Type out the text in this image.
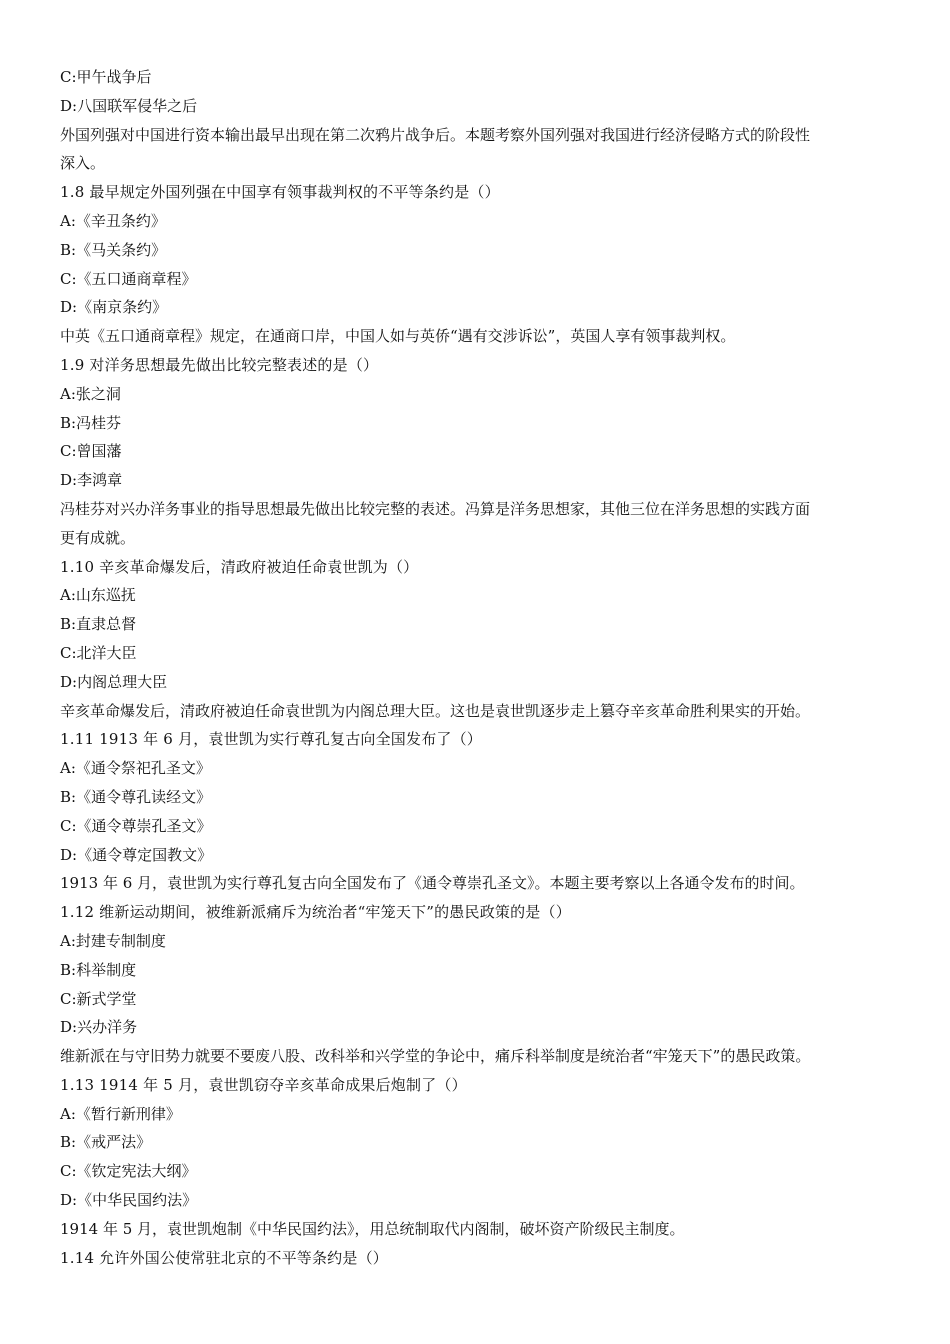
C:甲午战争后
D:八国联军侵华之后
外国列强对中国进行资本输出最早出现在第二次鸦片战争后。本题考察外国列强对我国进行经济侵略方式的阶段性
深入。
1.8 最早规定外国列强在中国享有领事裁判权的不平等条约是（）
A:《辛丑条约》
B:《马关条约》
C:《五口通商章程》
D:《南京条约》
中英《五口通商章程》规定，在通商口岸，中国人如与英侨“遇有交涉诉讼”，英国人享有领事裁判权。
1.9 对洋务思想最先做出比较完整表述的是（）
A:张之洞
B:冯桂芬
C:曾国藩
D:李鸿章
冯桂芬对兴办洋务事业的指导思想最先做出比较完整的表述。冯算是洋务思想家，其他三位在洋务思想的实践方面
更有成就。
1.10 辛亥革命爆发后，清政府被迫任命袁世凯为（）
A:山东巡抚
B:直隶总督
C:北洋大臣
D:内阁总理大臣
辛亥革命爆发后，清政府被迫任命袁世凯为内阁总理大臣。这也是袁世凯逐步走上篡夺辛亥革命胜利果实的开始。
1.11 1913 年 6 月，袁世凯为实行尊孔复古向全国发布了（）
A:《通令祭祀孔圣文》
B:《通令尊孔读经文》
C:《通令尊崇孔圣文》
D:《通令尊定国教文》
1913 年 6 月，袁世凯为实行尊孔复古向全国发布了《通令尊崇孔圣文》。本题主要考察以上各通令发布的时间。
1.12 维新运动期间，被维新派痛斥为统治者“牢笼天下”的愚民政策的是（）
A:封建专制制度
B:科举制度
C:新式学堂
D:兴办洋务
维新派在与守旧势力就要不要废八股、改科举和兴学堂的争论中，痛斥科举制度是统治者“牢笼天下”的愚民政策。
1.13 1914 年 5 月，袁世凯窃夺辛亥革命成果后炮制了（）
A:《暂行新刑律》
B:《戒严法》
C:《钦定宪法大纲》
D:《中华民国约法》
1914 年 5 月，袁世凯炮制《中华民国约法》，用总统制取代内阁制，破坏资产阶级民主制度。
1.14 允许外国公使常驻北京的不平等条约是（）
